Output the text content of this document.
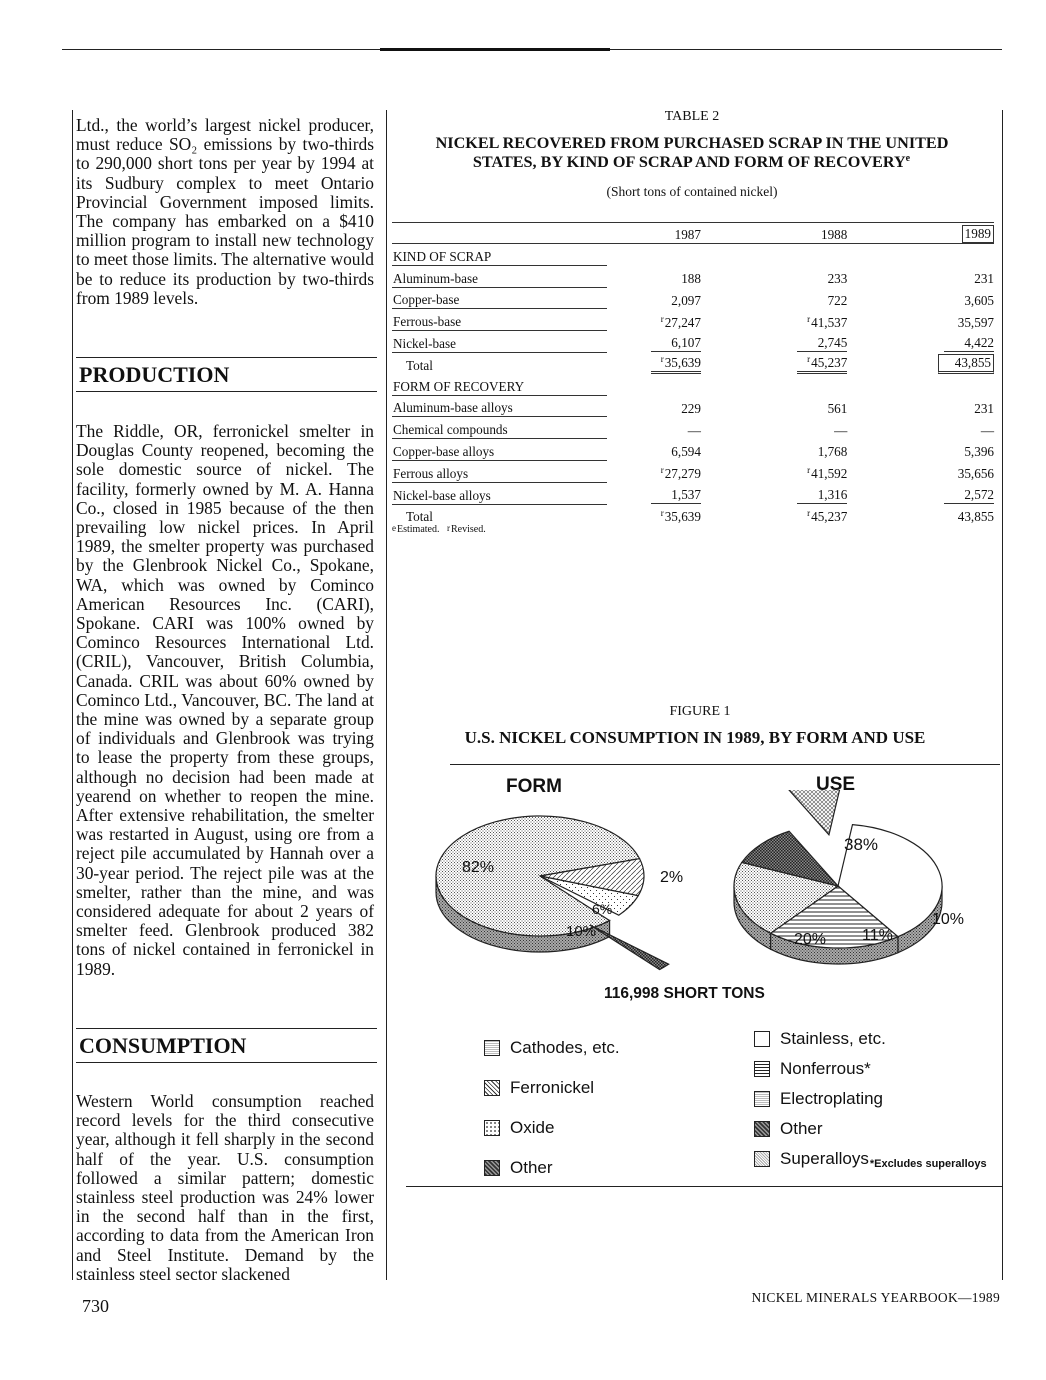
Ltd., the world’s largest nickel producer, must reduce SO₂ emissions by two-thirds to 290,000 short tons per year by 1994 at its Sudbury complex to meet Ontario Provincial Government imposed limits. The company has embarked on a $410 million program to install new technology to meet those limits. The alternative would be to reduce its production by two-thirds from 1989 levels.

PRODUCTION

The Riddle, OR, ferronickel smelter in Douglas County reopened, becoming the sole domestic source of nickel. The facility, formerly owned by M. A. Hanna Co., closed in 1985 because of the then prevailing low nickel prices. In April 1989, the smelter property was purchased by the Glenbrook Nickel Co., Spokane, WA, which was owned by Cominco American Resources Inc. (CARI), Spokane. CARI was 100% owned by Cominco Resources International Ltd. (CRIL), Vancouver, British Columbia, Canada. CRIL was about 60% owned by Cominco Ltd., Vancouver, BC. The land at the mine was owned by a separate group of individuals and Glenbrook was trying to lease the property from these groups, although no decision had been made at yearend on whether to reopen the mine. After extensive rehabilitation, the smelter was restarted in August, using ore from a reject pile accumulated by Hannah over a 30-year period. The reject pile was at the smelter, rather than the mine, and was considered adequate for about 2 years of smelter feed. Glenbrook produced 382 tons of nickel contained in ferronickel in 1989.

CONSUMPTION

Western World consumption reached record levels for the third consecutive year, although it fell sharply in the second half of the year. U.S. consumption followed a similar pattern; domestic stainless steel production was 24% lower in the second half than in the first, according to data from the American Iron and Steel Institute. Demand by the stainless steel sector slackened

TABLE 2
NICKEL RECOVERED FROM PURCHASED SCRAP IN THE UNITED
STATES, BY KIND OF SCRAP AND FORM OF RECOVERY$^e$
(Short tons of contained nickel)
	1987	1988	1989
KIND OF SCRAP			
Aluminum-base	188	233	231
Copper-base	2,097	722	3,605
Ferrous-base	$^r$27,247	$^r$41,537	35,597
Nickel-base	6,107	2,745	4,422
Total	$^r$35,639	$^r$45,237	43,855
FORM OF RECOVERY			
Aluminum-base alloys	229	561	231
Chemical compounds	—	—	—
Copper-base alloys	6,594	1,768	5,396
Ferrous alloys	$^r$27,279	$^r$41,592	35,656
Nickel-base alloys	1,537	1,316	2,572
Total	$^r$35,639	$^r$45,237	43,855
eEstimated. rRevised.
FIGURE 1
U.S. NICKEL CONSUMPTION IN 1989, BY FORM AND USE
FORM	USE
82%
10%
6%
2%
38%
20% 11%
10%
116,998 SHORT TONS
Cathodes, etc.
Ferronickel
Oxide
Other
Stainless, etc.
Nonferrous*
Electroplating
Other
Superalloys *Excludes superalloys
730	NICKEL MINERALS YEARBOOK—1989
